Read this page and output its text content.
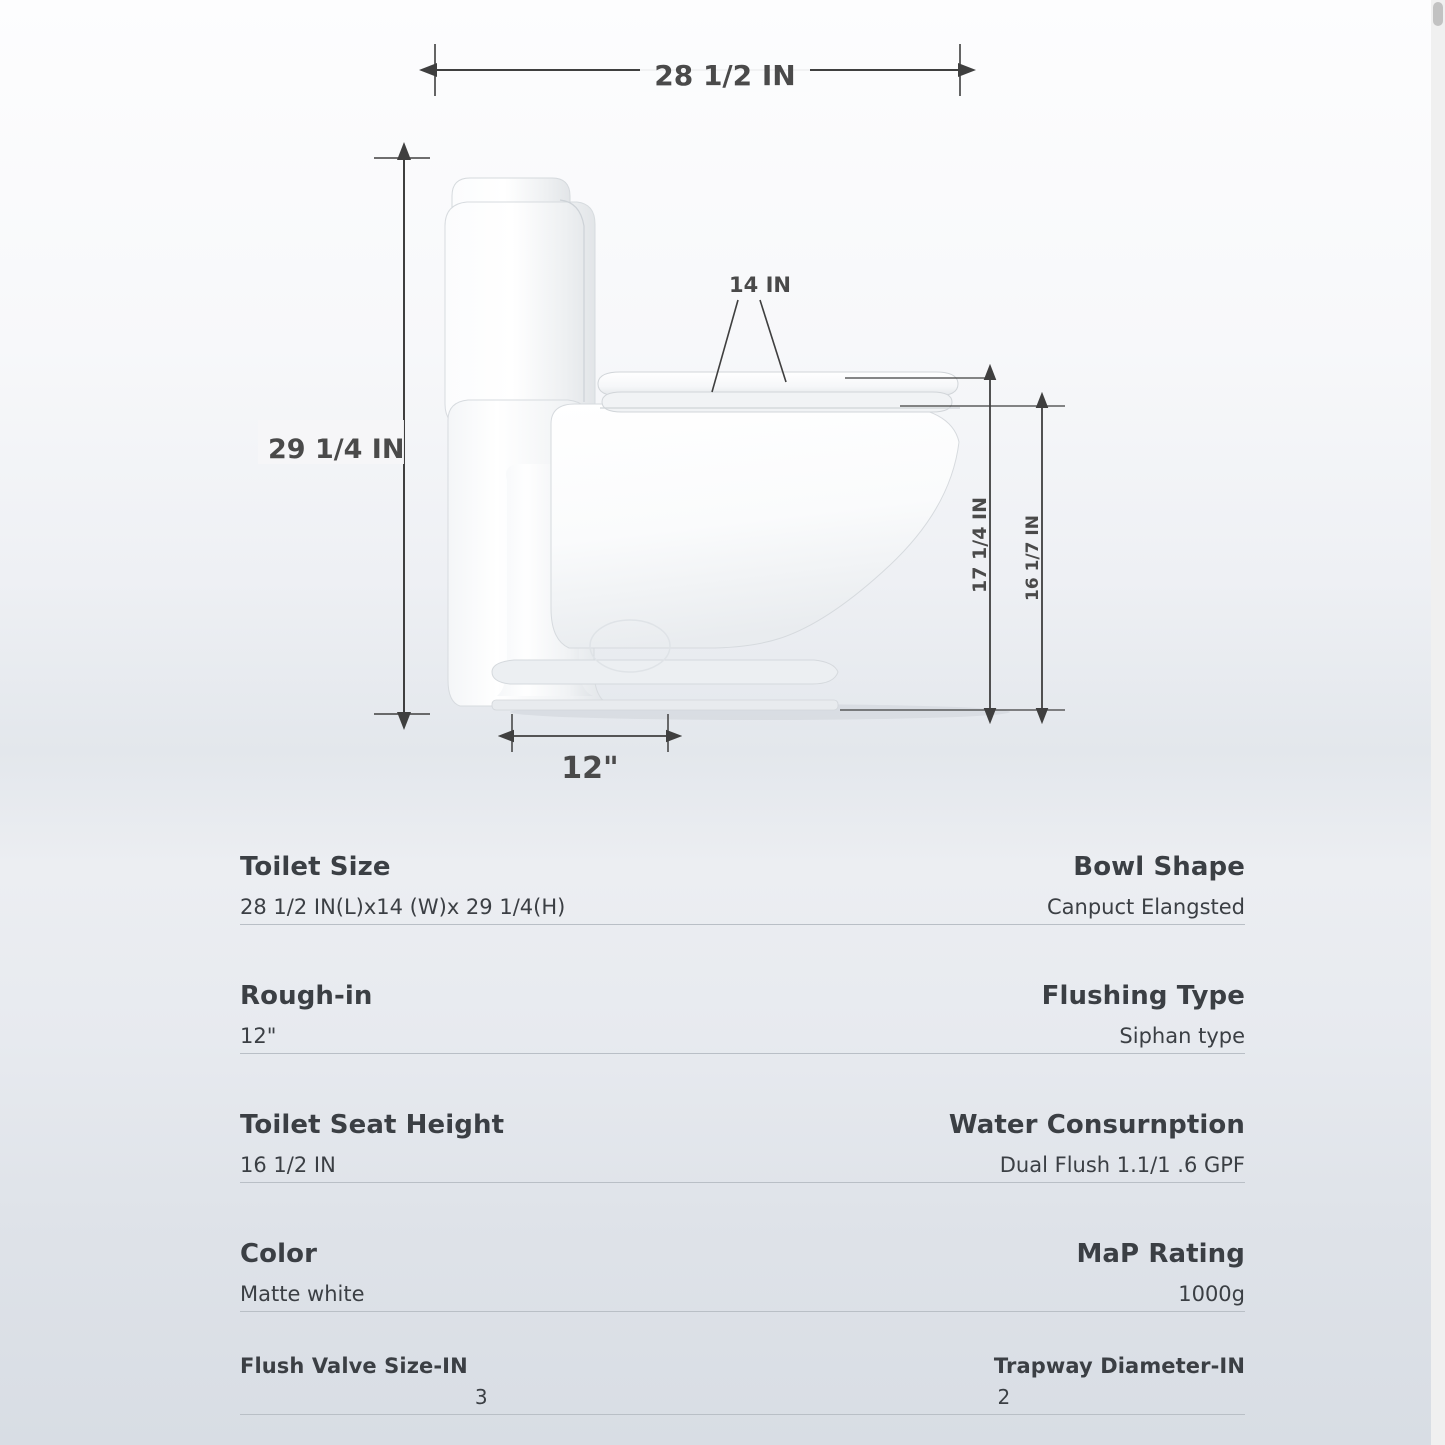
28 1/2 IN
29 1/4 IN
14 IN
17 1/4 IN 16 1/7 IN
12"
Toilet Size
28 1/2 IN(L)x14 (W)x 29 1/4(H)
Bowl Shape
Canpuct Elangsted
Rough-in
12"
Flushing Type
Siphan type
Toilet Seat Height
16 1/2 IN
Water Consurnption
Dual Flush 1.1/1 .6 GPF
Color
Matte white
MaP Rating
1000g
Flush Valve Size-IN
3
Trapway Diameter-IN
2
